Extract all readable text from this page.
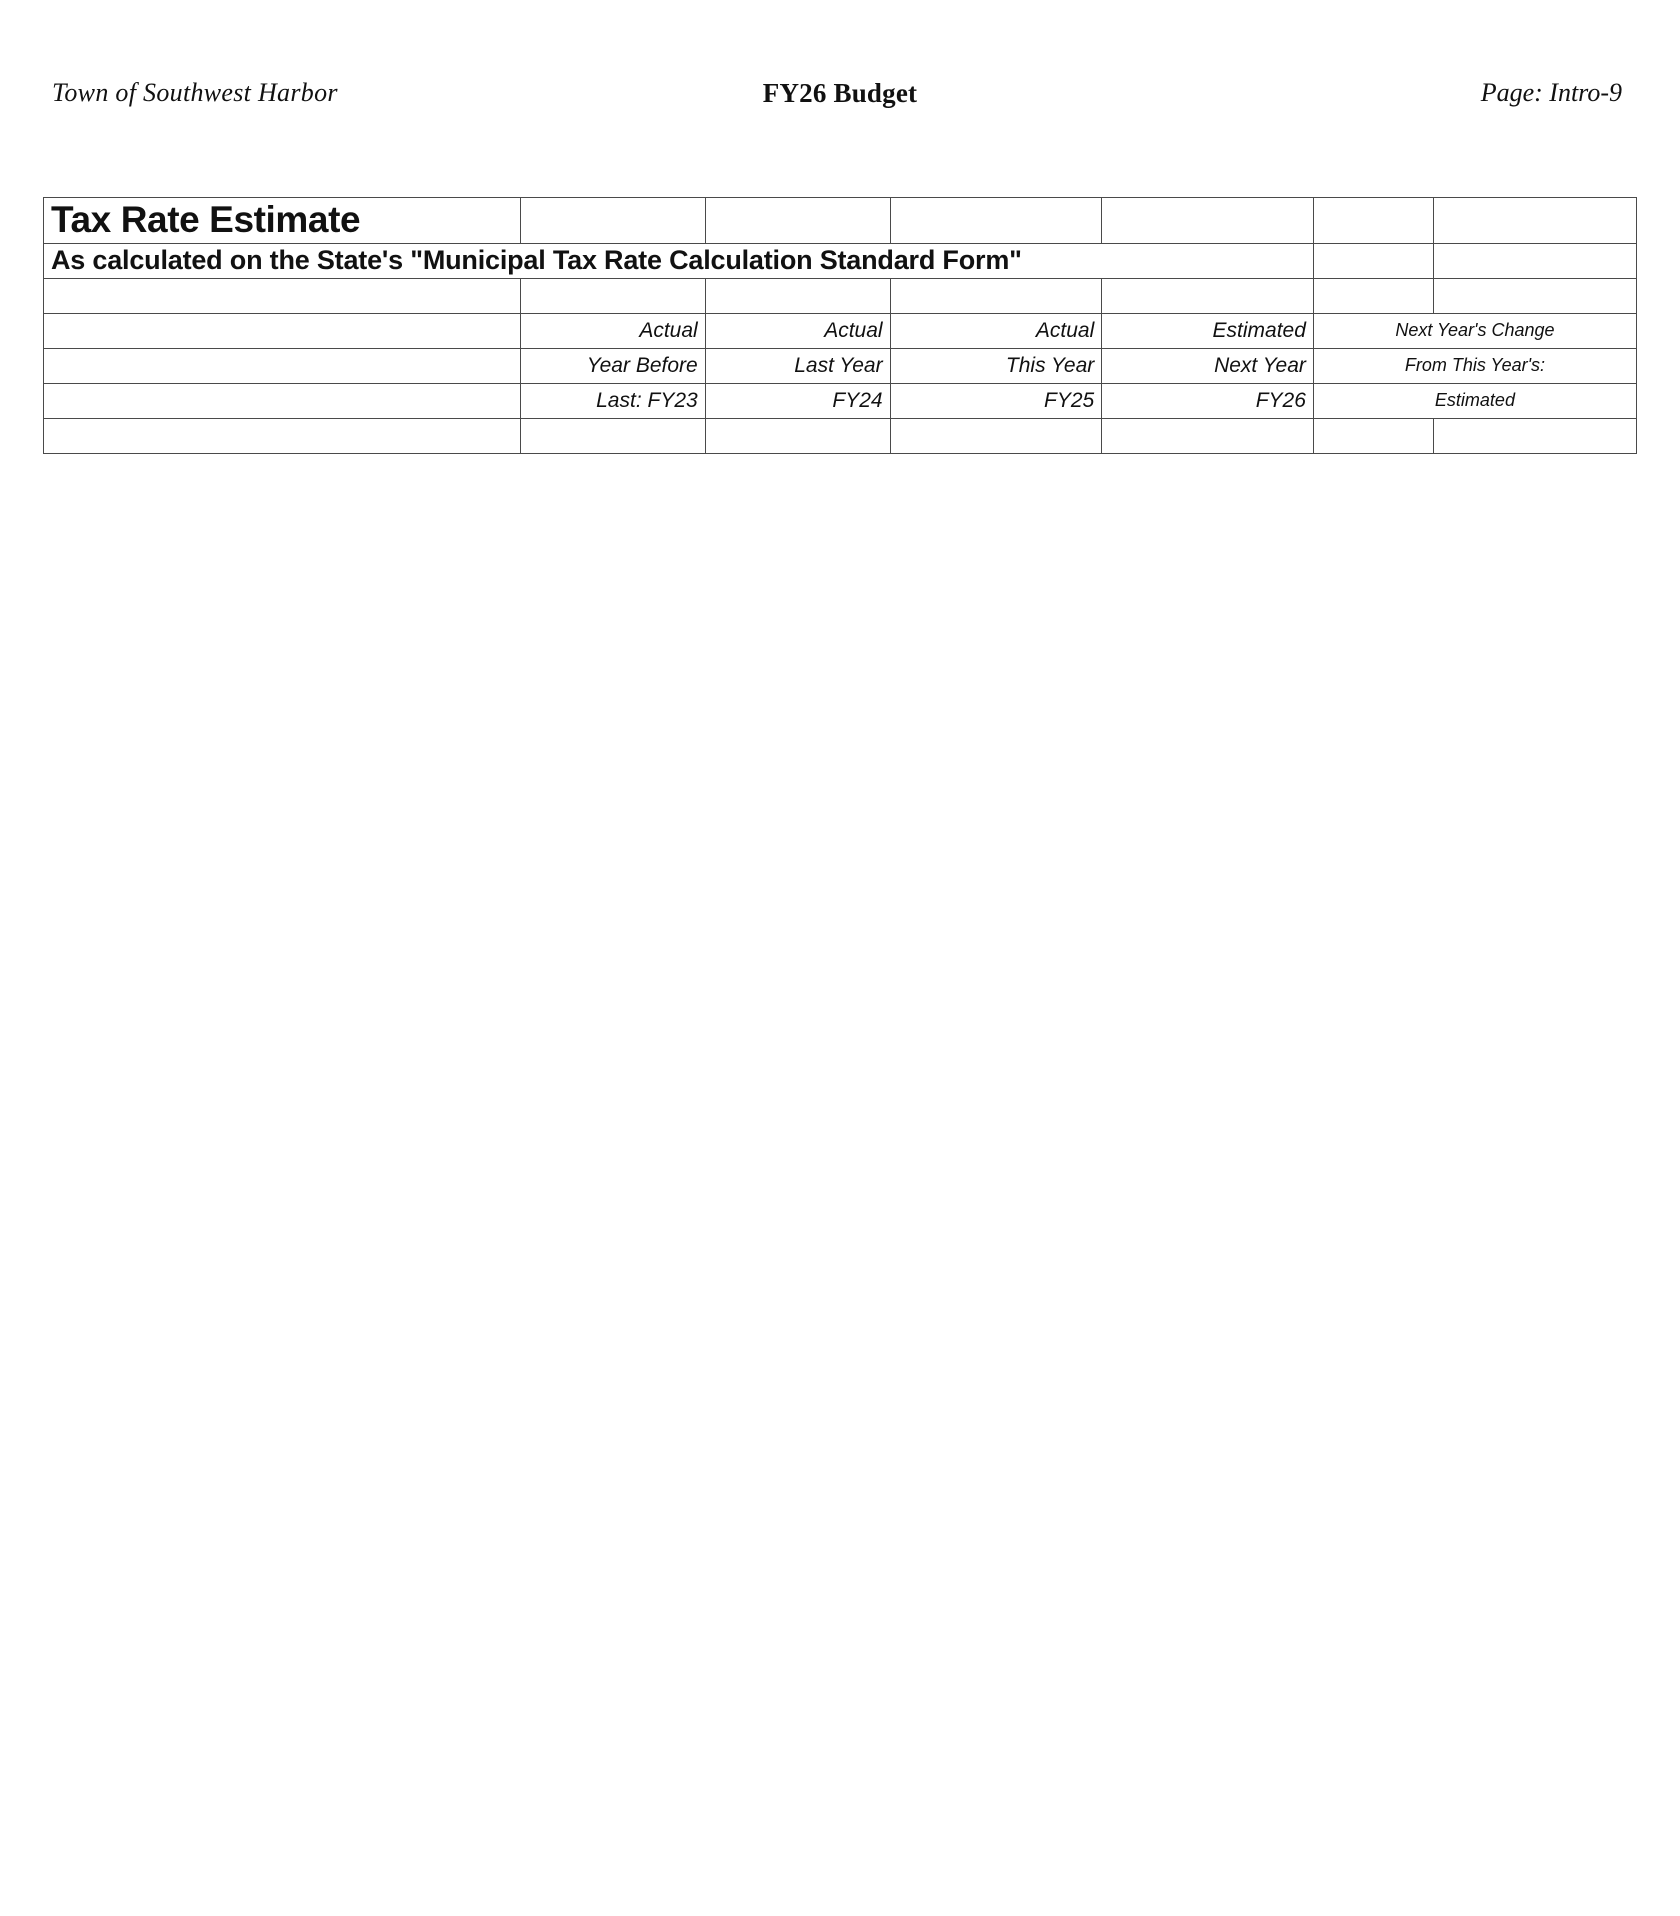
Town of Southwest Harbor	FY26 Budget	Page: Intro-9
Tax Rate Estimate						
As calculated on the State's "Municipal Tax Rate Calculation Standard Form"						

	Actual	Actual	Actual	Estimated	Next Year's Change	
	Year Before	Last Year	This Year	Next Year	From This Year's:	
	Last: FY23	FY24	FY25	FY26	Estimated	
